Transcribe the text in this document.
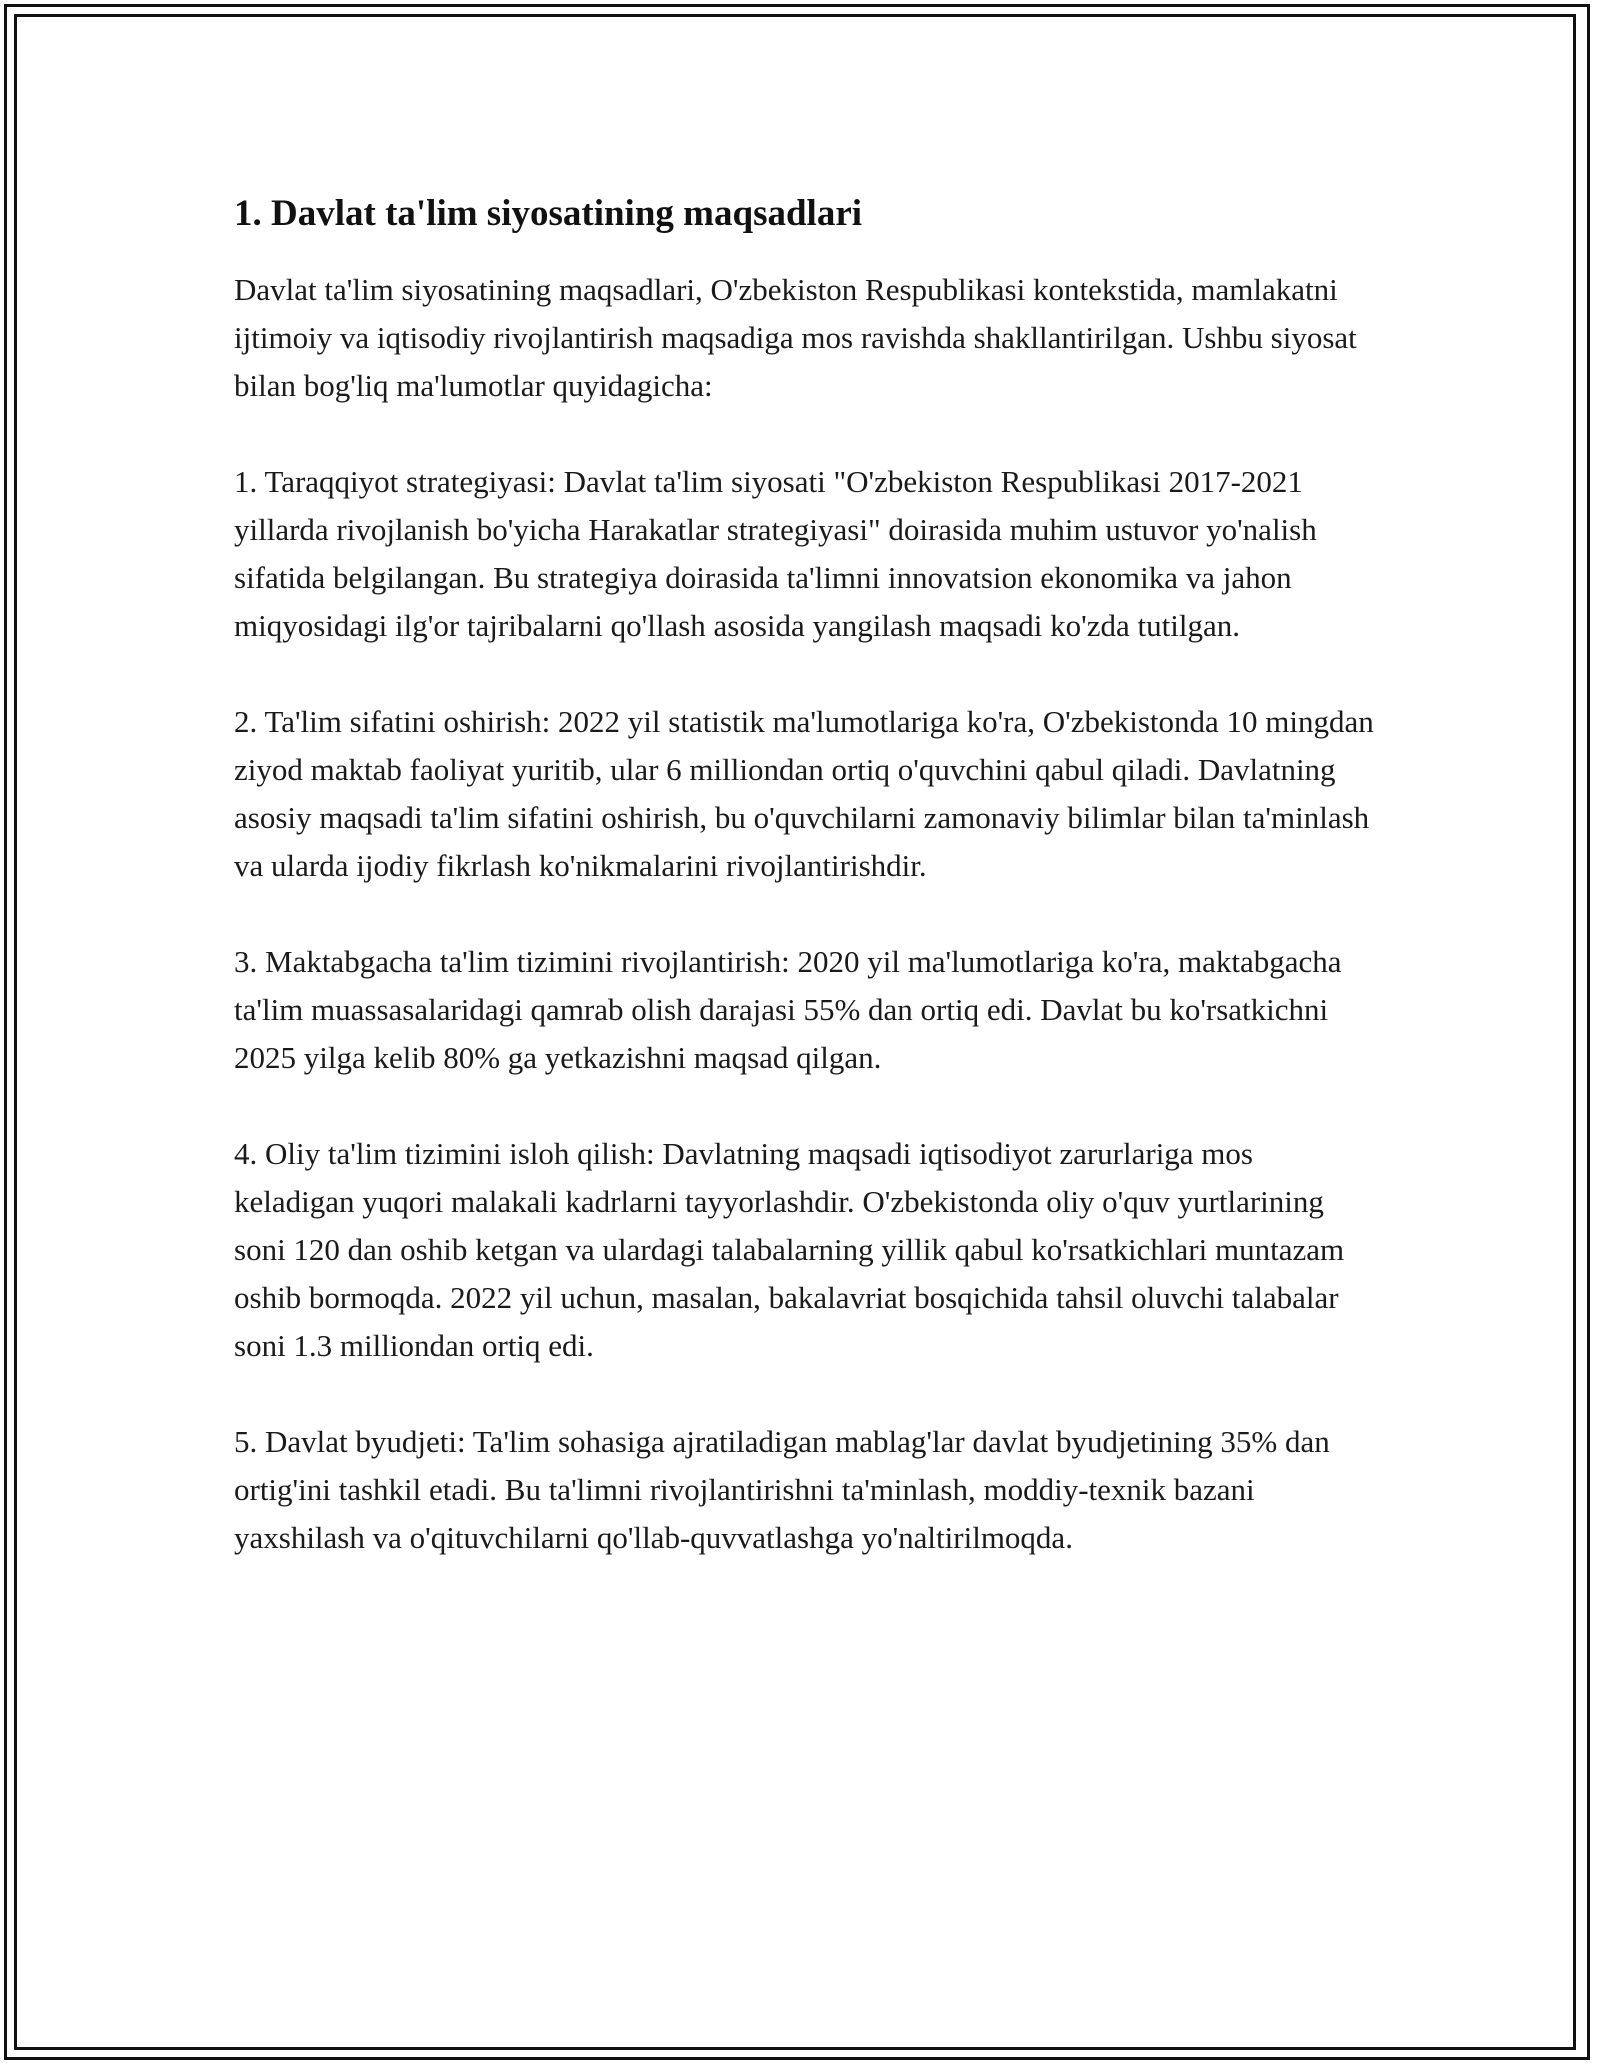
1. Davlat ta'lim siyosatining maqsadlari

Davlat ta'lim siyosatining maqsadlari, O'zbekiston Respublikasi kontekstida, mamlakatni ijtimoiy va iqtisodiy rivojlantirish maqsadiga mos ravishda shakllantirilgan. Ushbu siyosat bilan bog'liq ma'lumotlar quyidagicha:

1. Taraqqiyot strategiyasi: Davlat ta'lim siyosati "O'zbekiston Respublikasi 2017-2021 yillarda rivojlanish bo'yicha Harakatlar strategiyasi" doirasida muhim ustuvor yo'nalish sifatida belgilangan. Bu strategiya doirasida ta'limni innovatsion ekonomika va jahon miqyosidagi ilg'or tajribalarni qo'llash asosida yangilash maqsadi ko'zda tutilgan.

2. Ta'lim sifatini oshirish: 2022 yil statistik ma'lumotlariga ko'ra, O'zbekistonda 10 mingdan ziyod maktab faoliyat yuritib, ular 6 milliondan ortiq o'quvchini qabul qiladi. Davlatning asosiy maqsadi ta'lim sifatini oshirish, bu o'quvchilarni zamonaviy bilimlar bilan ta'minlash va ularda ijodiy fikrlash ko'nikmalarini rivojlantirishdir.

3. Maktabgacha ta'lim tizimini rivojlantirish: 2020 yil ma'lumotlariga ko'ra, maktabgacha ta'lim muassasalaridagi qamrab olish darajasi 55% dan ortiq edi. Davlat bu ko'rsatkichni 2025 yilga kelib 80% ga yetkazishni maqsad qilgan.

4. Oliy ta'lim tizimini isloh qilish: Davlatning maqsadi iqtisodiyot zarurlariga mos keladigan yuqori malakali kadrlarni tayyorlashdir. O'zbekistonda oliy o'quv yurtlarining soni 120 dan oshib ketgan va ulardagi talabalarning yillik qabul ko'rsatkichlari muntazam oshib bormoqda. 2022 yil uchun, masalan, bakalavriat bosqichida tahsil oluvchi talabalar soni 1.3 milliondan ortiq edi.

5. Davlat byudjeti: Ta'lim sohasiga ajratiladigan mablag'lar davlat byudjetining 35% dan ortig'ini tashkil etadi. Bu ta'limni rivojlantirishni ta'minlash, moddiy-texnik bazani yaxshilash va o'qituvchilarni qo'llab-quvvatlashga yo'naltirilmoqda.
